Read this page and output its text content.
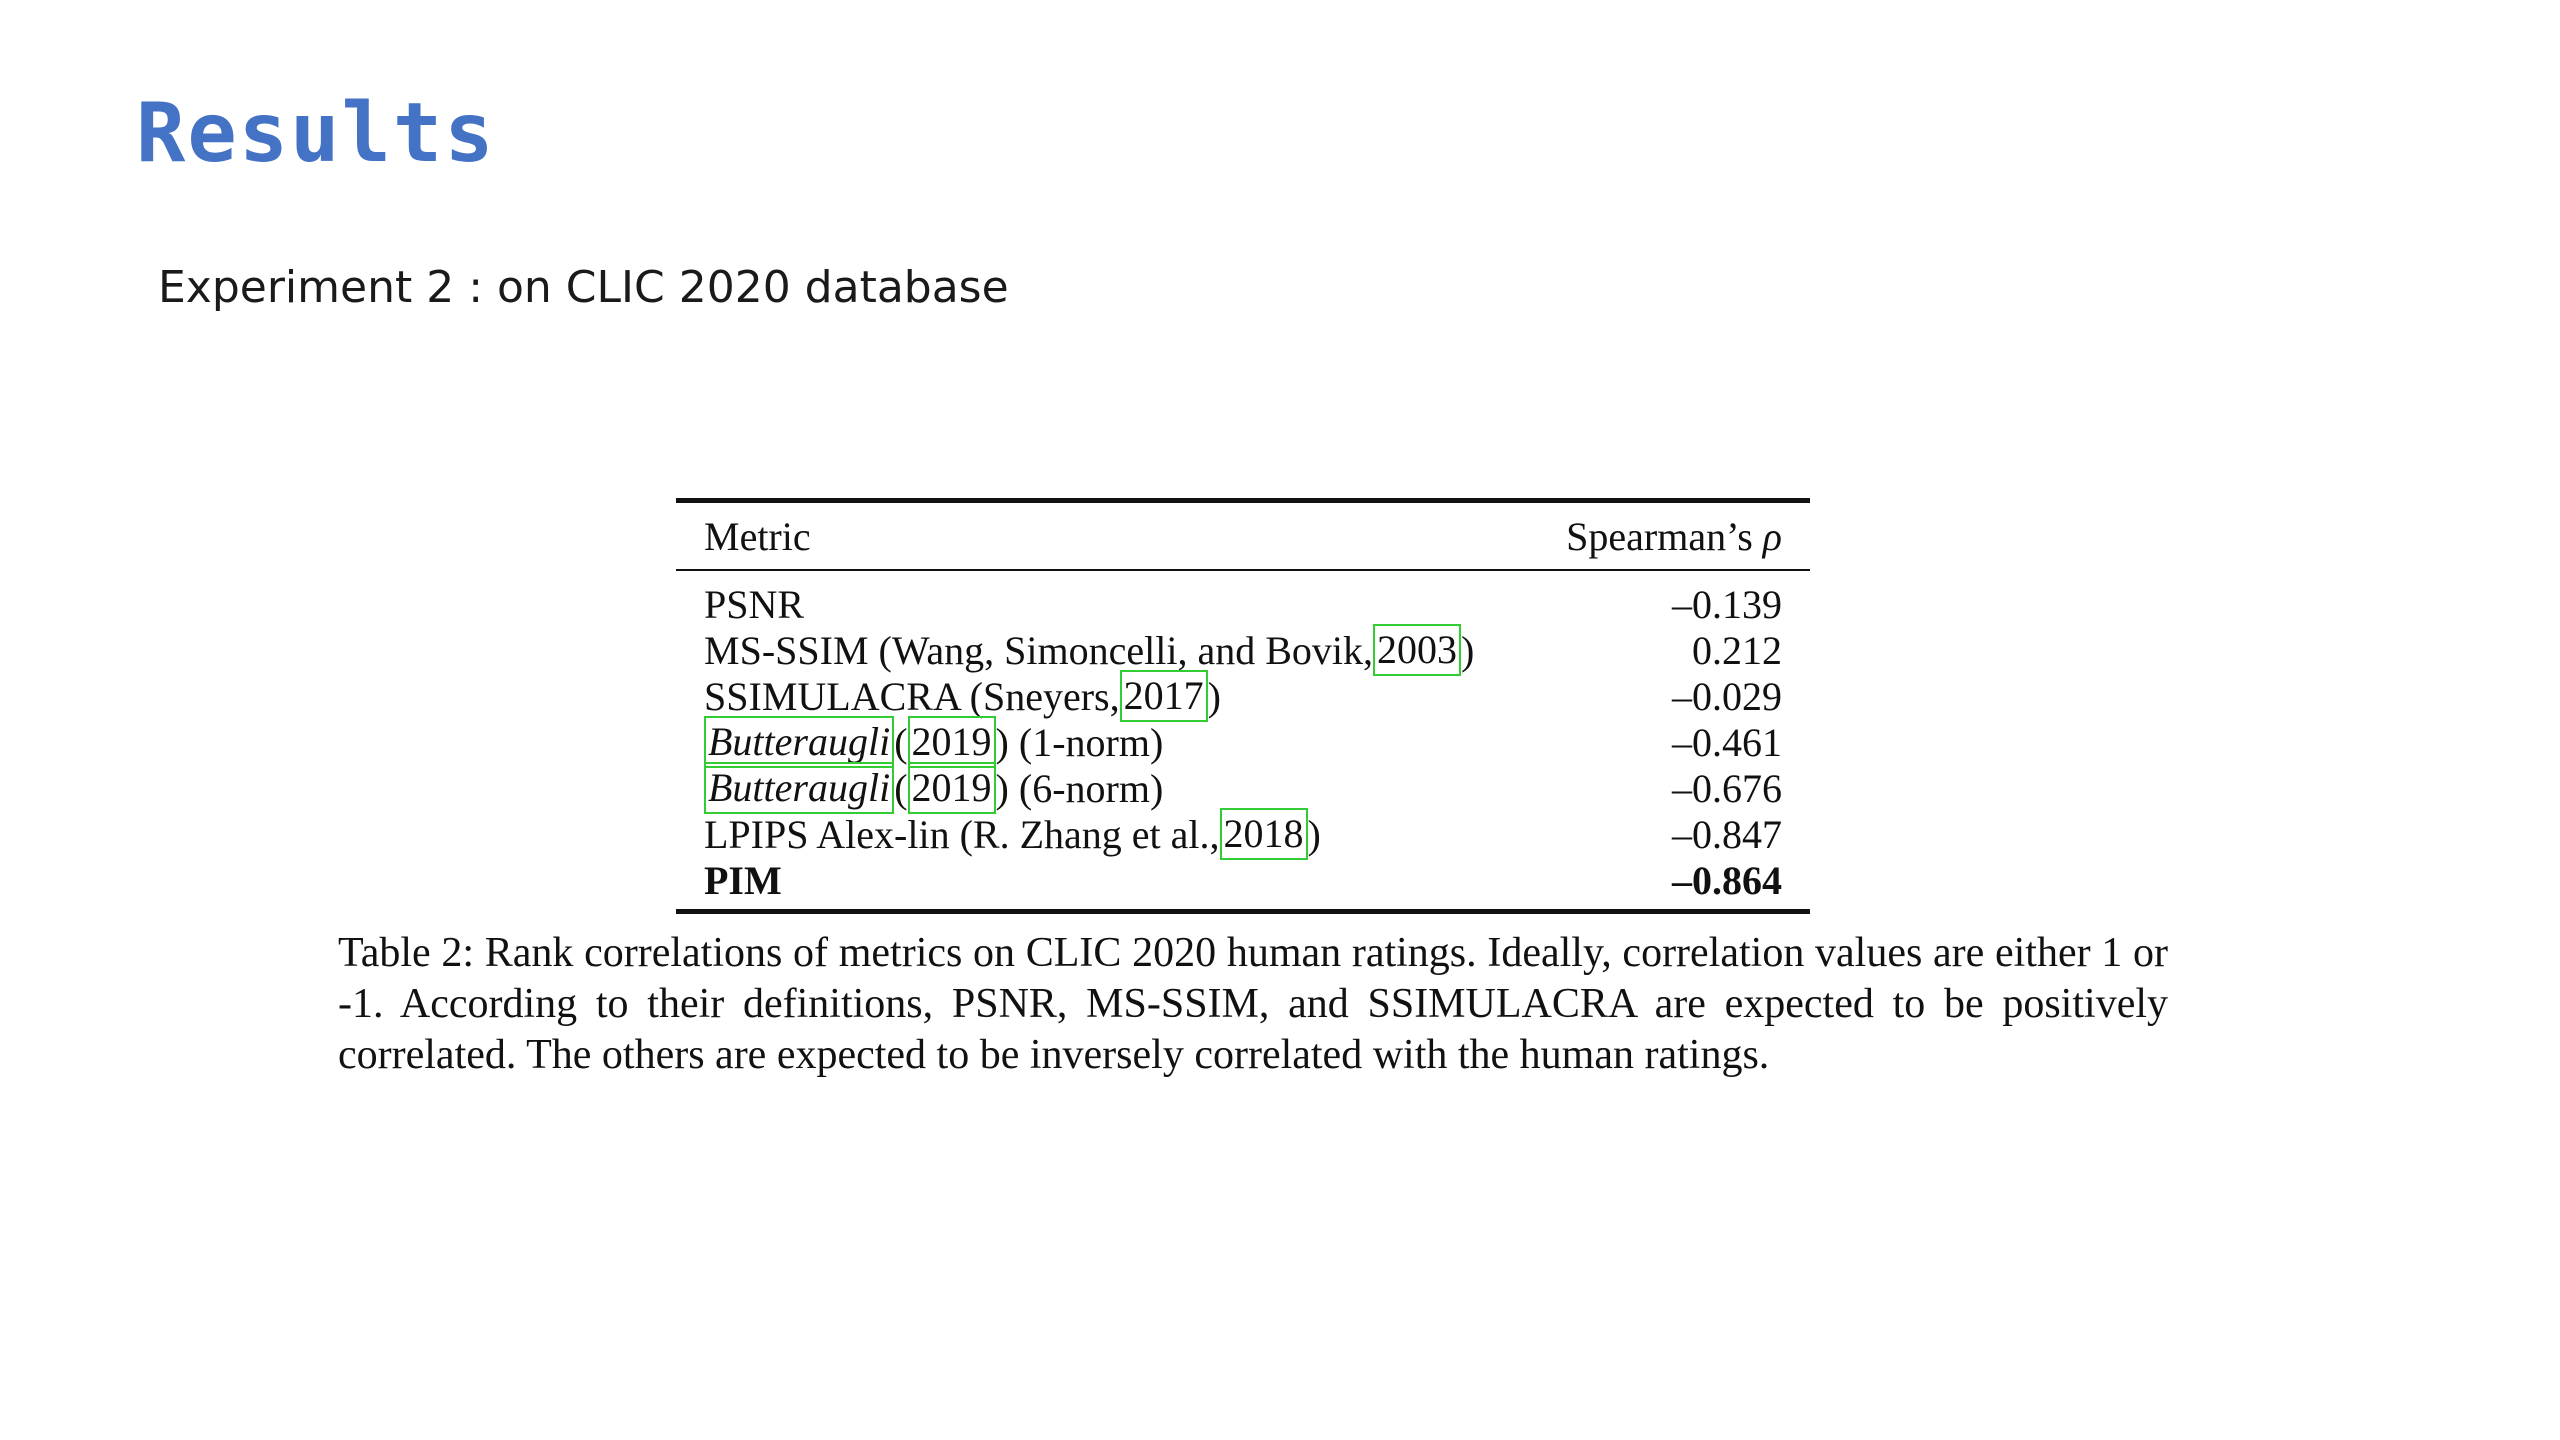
Results

Experiment 2 : on CLIC 2020 database

Metric	Spearman’s ρ
PSNR	–0.139
MS-SSIM (Wang, Simoncelli, and Bovik, 2003 )	0.212
SSIMULACRA (Sneyers, 2017 )	–0.029
Butteraugli ( 2019 ) (1-norm)	–0.461
Butteraugli ( 2019 ) (6-norm)	–0.676
LPIPS Alex-lin (R. Zhang et al., 2018 )	–0.847
PIM	–0.864

Table 2: Rank correlations of metrics on CLIC 2020 human ratings. Ideally, correlation values are either 1 or -1. According to their definitions, PSNR, MS-SSIM, and SSIMULACRA are expected to be positively correlated. The others are expected to be inversely correlated with the human ratings.
